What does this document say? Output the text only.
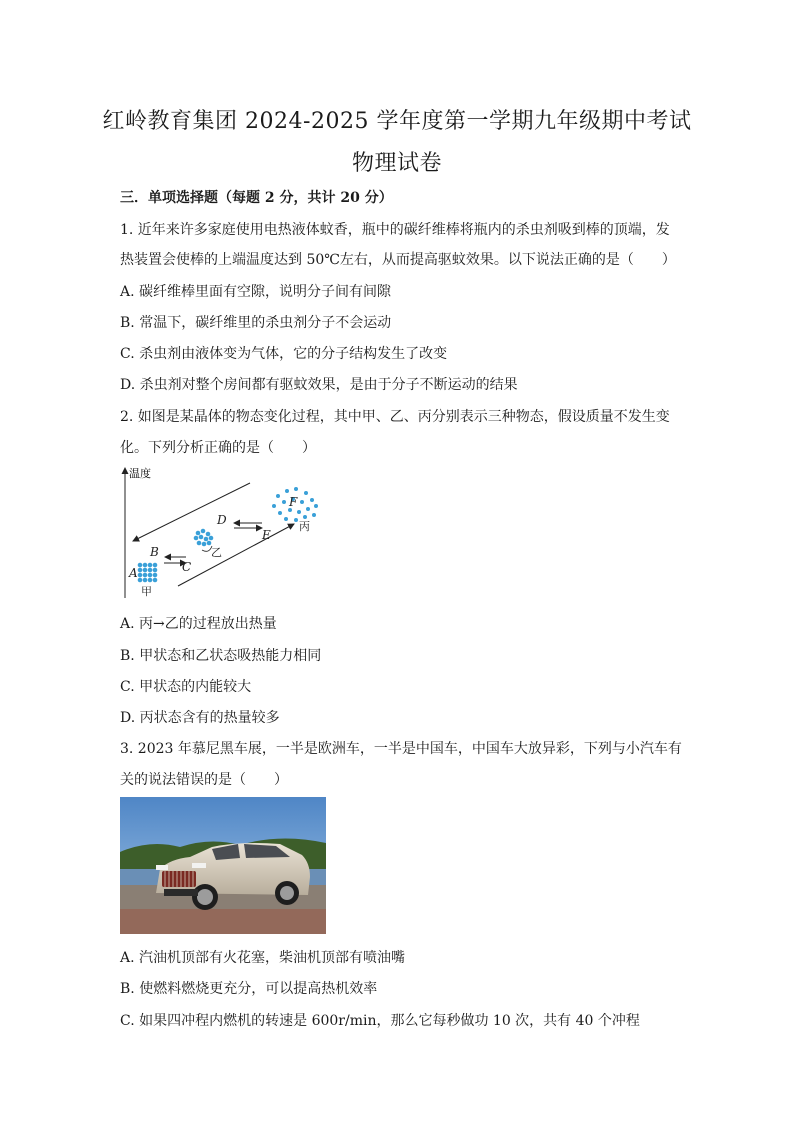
红岭教育集团 2024-2025 学年度第一学期九年级期中考试
物理试卷
三．单项选择题（每题 2 分，共计 20 分）
1. 近年来许多家庭使用电热液体蚊香，瓶中的碳纤维棒将瓶内的杀虫剂吸到棒的顶端，发
热装置会使棒的上端温度达到 50℃左右，从而提高驱蚊效果。以下说法正确的是（　　）
A. 碳纤维棒里面有空隙，说明分子间有间隙
B. 常温下，碳纤维里的杀虫剂分子不会运动
C. 杀虫剂由液体变为气体，它的分子结构发生了改变
D. 杀虫剂对整个房间都有驱蚊效果，是由于分子不断运动的结果
2. 如图是某晶体的物态变化过程，其中甲、乙、丙分别表示三种物态，假设质量不发生变
化。下列分析正确的是（　　）
温度
A
B
C
D
E
F
甲
乙
丙
A. 丙→乙的过程放出热量
B. 甲状态和乙状态吸热能力相同
C. 甲状态的内能较大
D. 丙状态含有的热量较多
3. 2023 年慕尼黑车展，一半是欧洲车，一半是中国车，中国车大放异彩，下列与小汽车有
关的说法错误的是（　　）
A. 汽油机顶部有火花塞，柴油机顶部有喷油嘴
B. 使燃料燃烧更充分，可以提高热机效率
C. 如果四冲程内燃机的转速是 600r/min，那么它每秒做功 10 次，共有 40 个冲程
